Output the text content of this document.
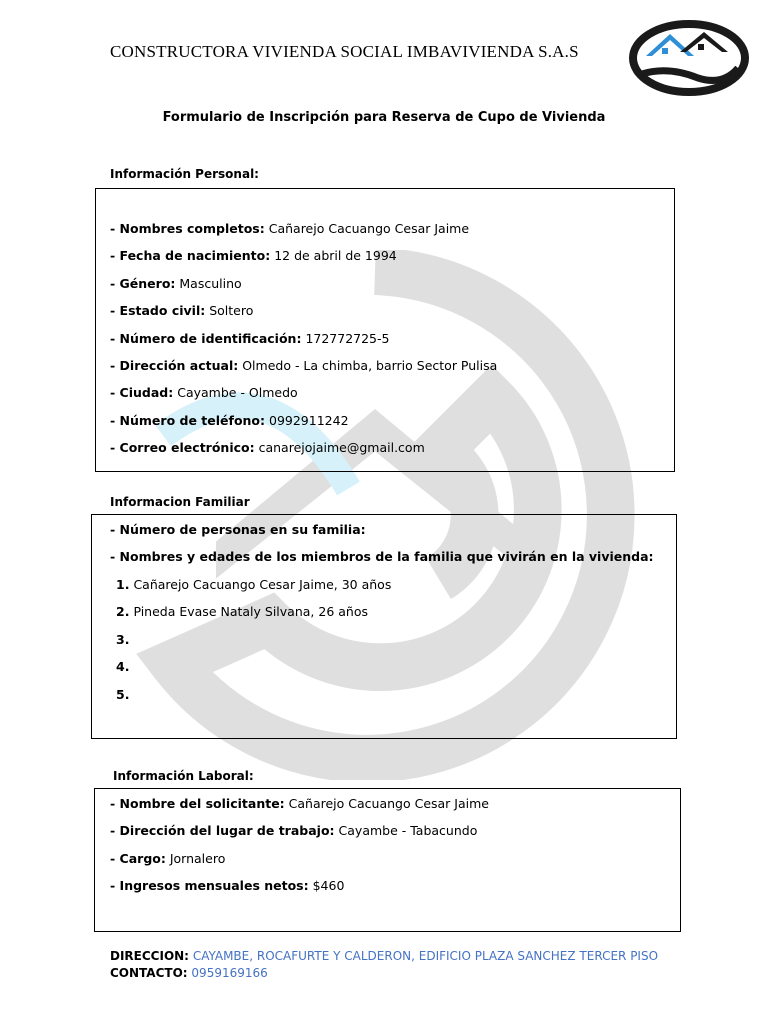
CONSTRUCTORA VIVIENDA SOCIAL IMBAVIVIENDA S.A.S
Formulario de Inscripción para Reserva de Cupo de Vivienda
Información Personal:
- Nombres completos: Cañarejo Cacuango Cesar Jaime
- Fecha de nacimiento: 12 de abril de 1994
- Género: Masculino
- Estado civil: Soltero
- Número de identificación: 172772725-5
- Dirección actual: Olmedo - La chimba, barrio Sector Pulisa
- Ciudad: Cayambe - Olmedo
- Número de teléfono: 0992911242
- Correo electrónico: canarejojaime@gmail.com
Informacion Familiar
- Número de personas en su familia:
- Nombres y edades de los miembros de la familia que vivirán en la vivienda:
1. Cañarejo Cacuango Cesar Jaime, 30 años
2. Pineda Evase Nataly Silvana, 26 años
3.
4.
5.
Información Laboral:
- Nombre del solicitante: Cañarejo Cacuango Cesar Jaime
- Dirección del lugar de trabajo: Cayambe - Tabacundo
- Cargo: Jornalero
- Ingresos mensuales netos: $460
DIRECCION: CAYAMBE, ROCAFURTE Y CALDERON, EDIFICIO PLAZA SANCHEZ TERCER PISO
CONTACTO: 0959169166
